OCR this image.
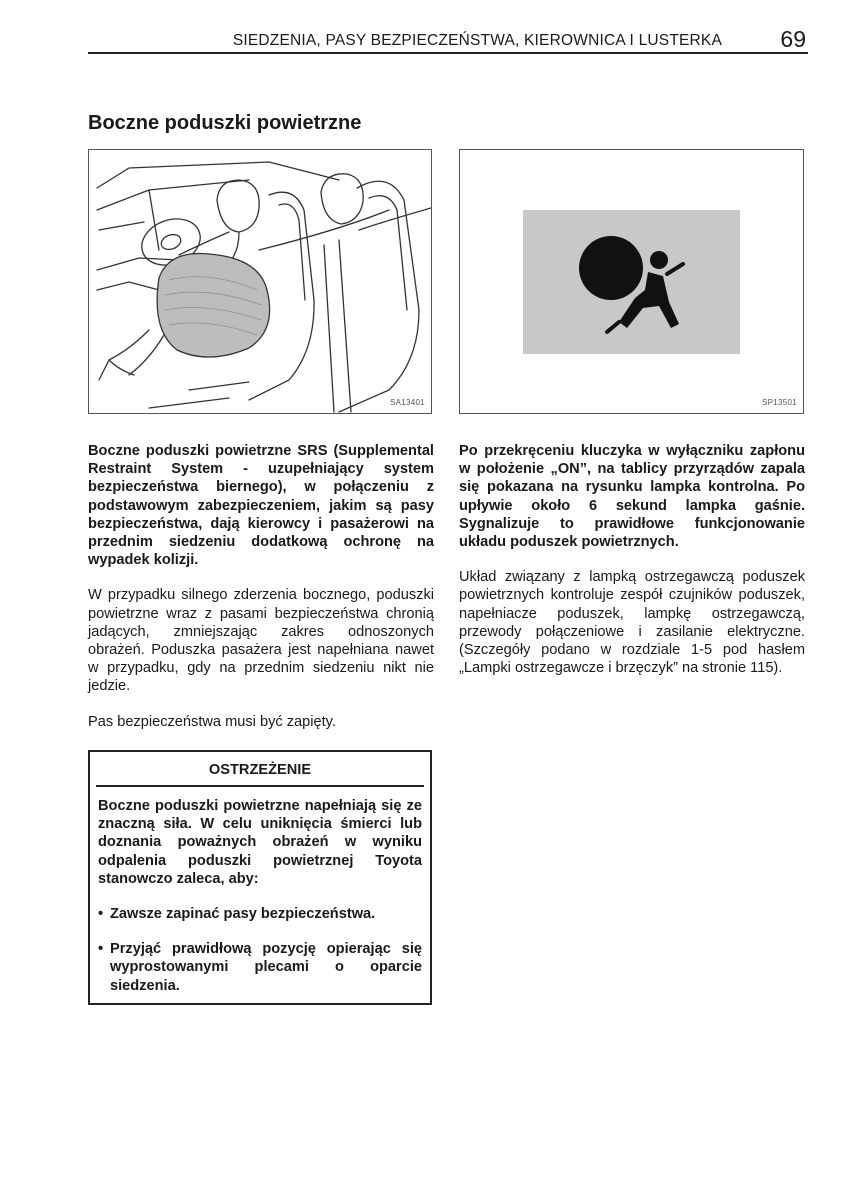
SIEDZENIA, PASY BEZPIECZEŃSTWA, KIEROWNICA I LUSTERKA	69
Boczne poduszki powietrzne
SA13401	SP13501

Boczne poduszki powietrzne SRS (Supplemental Restraint System - uzupełniający system bezpieczeństwa biernego), w połączeniu z podstawowym zabezpieczeniem, jakim są pasy bezpieczeństwa, dają kierowcy i pasażerowi na przednim siedzeniu dodatkową ochronę na wypadek kolizji.

W przypadku silnego zderzenia bocznego, poduszki powietrzne wraz z pasami bezpieczeństwa chronią jadących, zmniejszając zakres odnoszonych obrażeń. Poduszka pasażera jest napełniana nawet w przypadku, gdy na przednim siedzeniu nikt nie jedzie.

Pas bezpieczeństwa musi być zapięty.

OSTRZEŻENIE

Boczne poduszki powietrzne napełniają się ze znaczną siła. W celu uniknięcia śmierci lub doznania poważnych obrażeń w wyniku odpalenia poduszki powietrznej Toyota stanowczo zaleca, aby:

• Zawsze zapinać pasy bezpieczeństwa.
• Przyjąć prawidłową pozycję opierając się wyprostowanymi plecami o oparcie siedzenia.

Po przekręceniu kluczyka w wyłączniku zapłonu w położenie „ON”, na tablicy przyrządów zapala się pokazana na rysunku lampka kontrolna. Po upływie około 6 sekund lampka gaśnie. Sygnalizuje to prawidłowe funkcjonowanie układu poduszek powietrznych.

Układ związany z lampką ostrzegawczą poduszek powietrznych kontroluje zespół czujników poduszek, napełniacze poduszek, lampkę ostrzegawczą, przewody połączeniowe i zasilanie elektryczne. (Szczegóły podano w rozdziale 1-5 pod hasłem „Lampki ostrzegawcze i brzęczyk” na stronie 115).
